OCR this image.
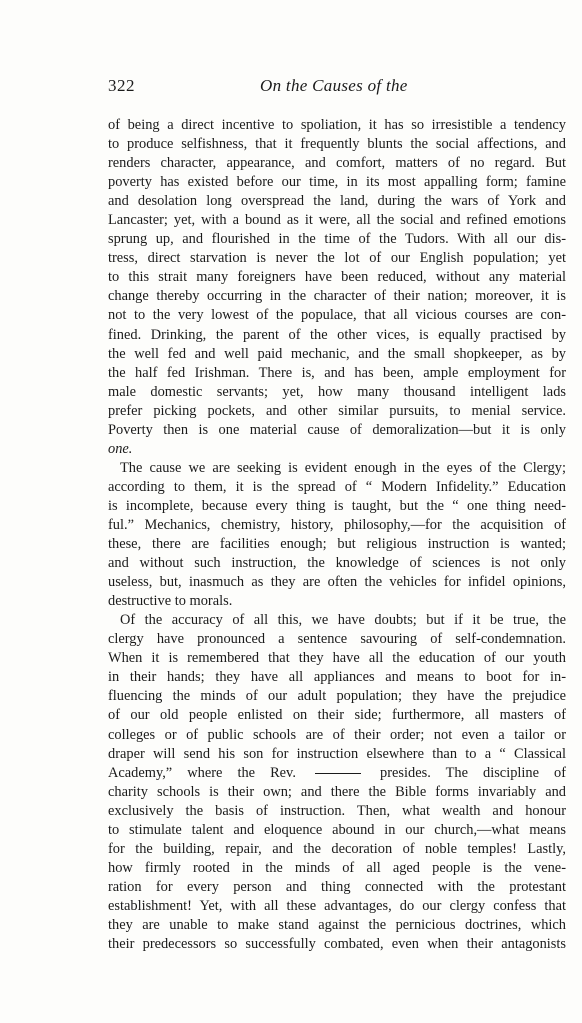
322	On the Causes of the
of being a direct incentive to spoliation, it has so irresistible a tendency
to produce selfishness, that it frequently blunts the social affections, and
renders character, appearance, and comfort, matters of no regard. But
poverty has existed before our time, in its most appalling form; famine
and desolation long overspread the land, during the wars of York and
Lancaster; yet, with a bound as it were, all the social and refined emotions
sprung up, and flourished in the time of the Tudors. With all our dis-
tress, direct starvation is never the lot of our English population; yet
to this strait many foreigners have been reduced, without any material
change thereby occurring in the character of their nation; moreover, it is
not to the very lowest of the populace, that all vicious courses are con-
fined. Drinking, the parent of the other vices, is equally practised by
the well fed and well paid mechanic, and the small shopkeeper, as by
the half fed Irishman. There is, and has been, ample employment for
male domestic servants; yet, how many thousand intelligent lads
prefer picking pockets, and other similar pursuits, to menial service.
Poverty then is one material cause of demoralization—but it is only
one.
The cause we are seeking is evident enough in the eyes of the Clergy;
according to them, it is the spread of “ Modern Infidelity.” Education
is incomplete, because every thing is taught, but the “ one thing need-
ful.” Mechanics, chemistry, history, philosophy,—for the acquisition of
these, there are facilities enough; but religious instruction is wanted;
and without such instruction, the knowledge of sciences is not only
useless, but, inasmuch as they are often the vehicles for infidel opinions,
destructive to morals.
Of the accuracy of all this, we have doubts; but if it be true, the
clergy have pronounced a sentence savouring of self-condemnation.
When it is remembered that they have all the education of our youth
in their hands; they have all appliances and means to boot for in-
fluencing the minds of our adult population; they have the prejudice
of our old people enlisted on their side; furthermore, all masters of
colleges or of public schools are of their order; not even a tailor or
draper will send his son for instruction elsewhere than to a “ Classical
Academy,” where the Rev.	presides. The discipline of
charity schools is their own; and there the Bible forms invariably and
exclusively the basis of instruction. Then, what wealth and honour
to stimulate talent and eloquence abound in our church,—what means
for the building, repair, and the decoration of noble temples! Lastly,
how firmly rooted in the minds of all aged people is the vene-
ration for every person and thing connected with the protestant
establishment! Yet, with all these advantages, do our clergy confess that
they are unable to make stand against the pernicious doctrines, which
their predecessors so successfully combated, even when their antagonists
